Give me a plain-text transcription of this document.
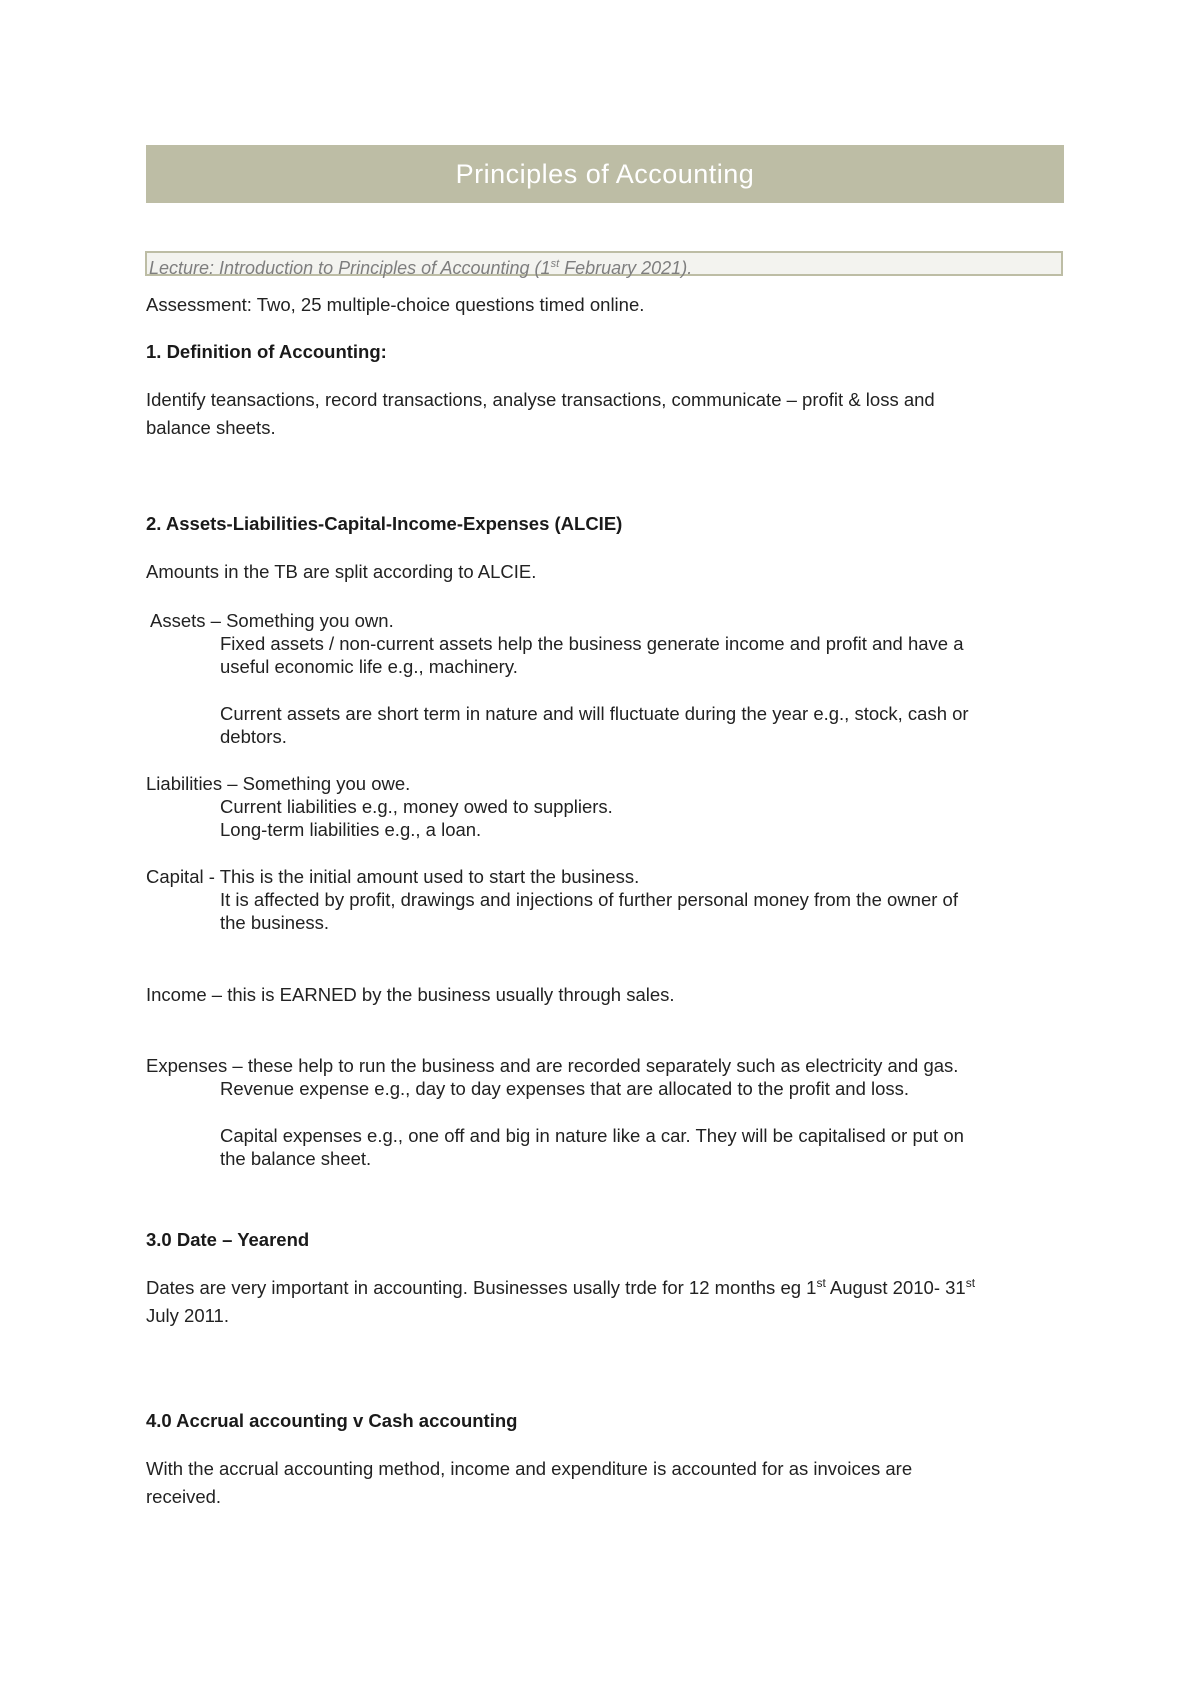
Principles of Accounting
Lecture: Introduction to Principles of Accounting (1st February 2021).
Assessment: Two, 25 multiple-choice questions timed online.
1. Definition of Accounting:
Identify teansactions, record transactions, analyse transactions, communicate – profit & loss and
balance sheets.
2. Assets-Liabilities-Capital-Income-Expenses (ALCIE)
Amounts in the TB are split according to ALCIE.
Assets – Something you own.
Fixed assets / non-current assets help the business generate income and profit and have a
useful economic life e.g., machinery.
Current assets are short term in nature and will fluctuate during the year e.g., stock, cash or
debtors.
Liabilities – Something you owe.
Current liabilities e.g., money owed to suppliers.
Long-term liabilities e.g., a loan.
Capital - This is the initial amount used to start the business.
It is affected by profit, drawings and injections of further personal money from the owner of
the business.
Income – this is EARNED by the business usually through sales.
Expenses – these help to run the business and are recorded separately such as electricity and gas.
Revenue expense e.g., day to day expenses that are allocated to the profit and loss.
Capital expenses e.g., one off and big in nature like a car. They will be capitalised or put on
the balance sheet.
3.0 Date – Yearend
Dates are very important in accounting. Businesses usally trde for 12 months eg 1st August 2010- 31st
July 2011.
4.0 Accrual accounting v Cash accounting
With the accrual accounting method, income and expenditure is accounted for as invoices are
received.
